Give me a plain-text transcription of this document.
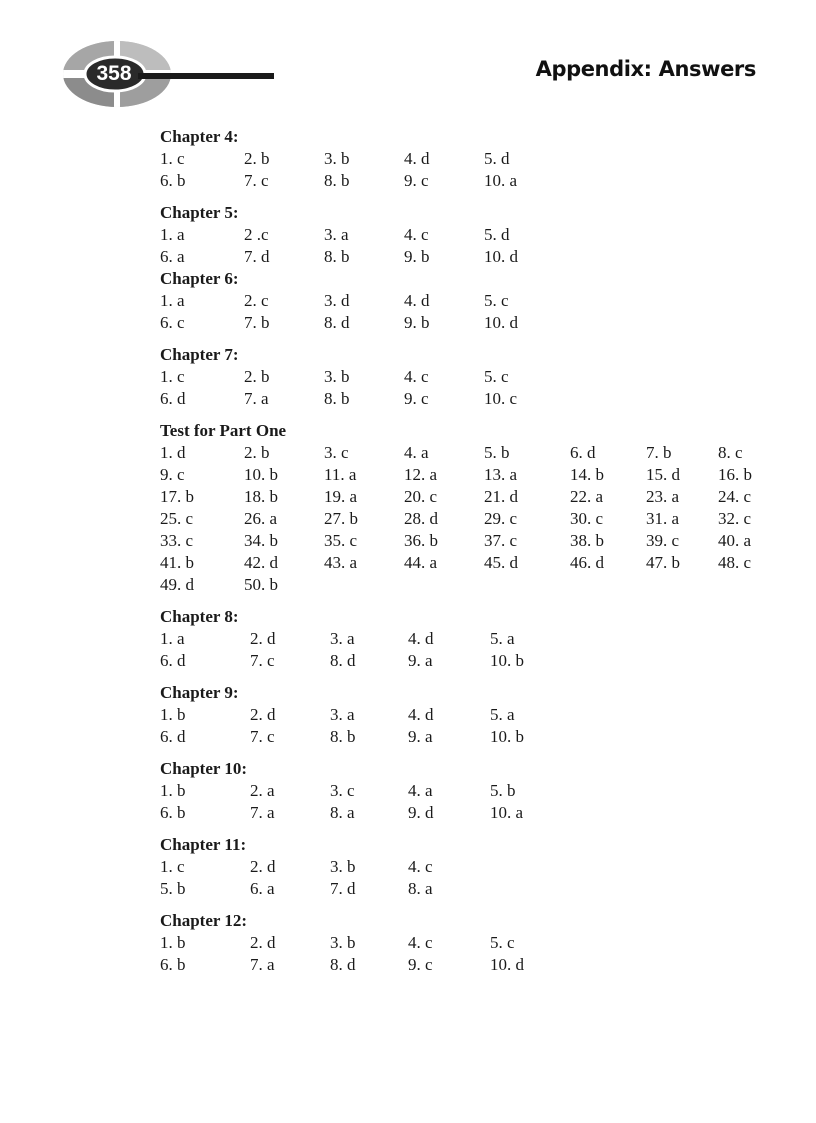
358	Appendix: Answers
Chapter 4:
1. c	2. b	3. b	4. d	5. d
6. b	7. c	8. b	9. c	10. a
Chapter 5:
1. a	2 .c	3. a	4. c	5. d
6. a	7. d	8. b	9. b	10. d
Chapter 6:
1. a	2. c	3. d	4. d	5. c
6. c	7. b	8. d	9. b	10. d
Chapter 7:
1. c	2. b	3. b	4. c	5. c
6. d	7. a	8. b	9. c	10. c
Test for Part One
1. d	2. b	3. c	4. a	5. b	6. d	7. b	8. c
9. c	10. b	11. a	12. a	13. a	14. b 15. d 16. b
17. b	18. b	19. a	20. c	21. d	22. a	23. a 24. c
25. c	26. a	27. b	28. d	29. c	30. c	31. a 32. c
33. c	34. b	35. c	36. b	37. c	38. b 39. c 40. a
41. b	42. d	43. a	44. a	45. d	46. d 47. b 48. c
49. d	50. b
Chapter 8:
1. a	2. d	3. a	4. d	5. a
6. d	7. c	8. d	9. a	10. b
Chapter 9:
1. b	2. d	3. a	4. d	5. a
6. d	7. c	8. b	9. a	10. b
Chapter 10:
1. b	2. a	3. c	4. a	5. b
6. b	7. a	8. a	9. d	10. a
Chapter 11:
1. c	2. d	3. b	4. c
5. b	6. a	7. d	8. a
Chapter 12:
1. b	2. d	3. b	4. c	5. c
6. b	7. a	8. d	9. c	10. d
